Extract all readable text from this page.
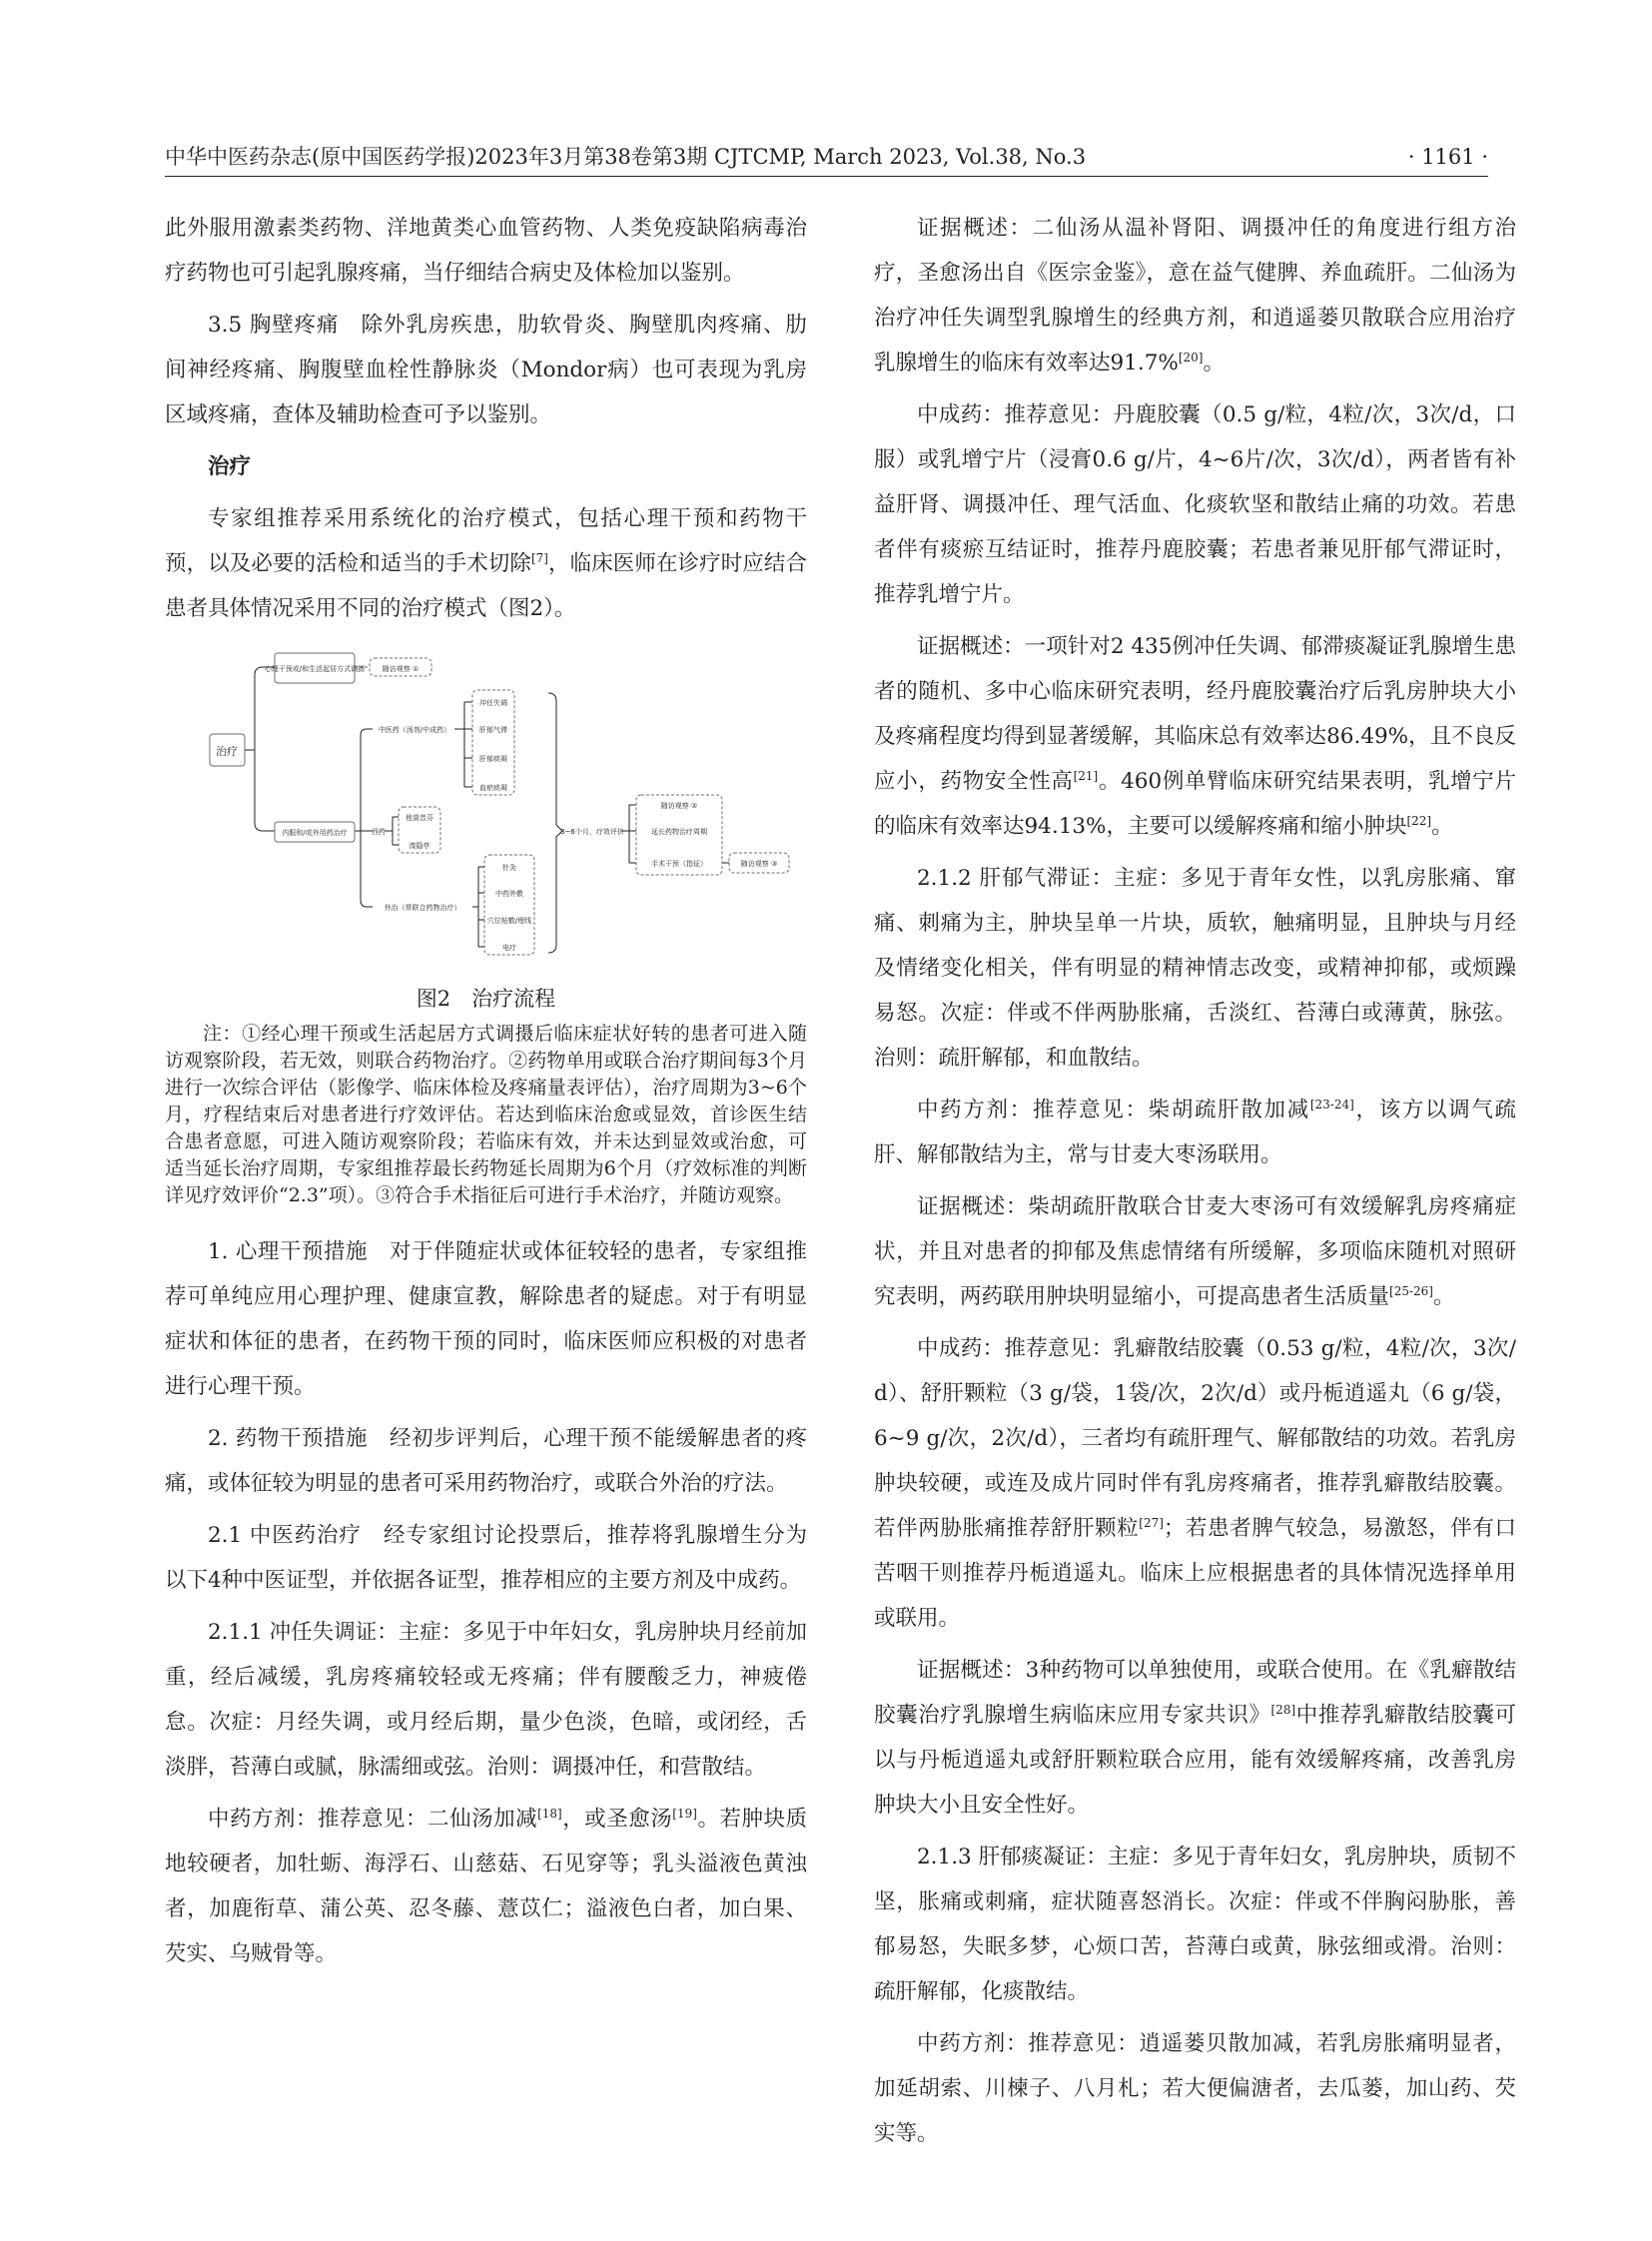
中华中医药杂志(原中国医药学报)2023年3月第38卷第3期 CJTCMP, March 2023, Vol.38, No.3	· 1161 ·

此外服用激素类药物、洋地黄类心血管药物、人类免疫缺陷病毒治疗药物也可引起乳腺疼痛，当仔细结合病史及体检加以鉴别。

3.5 胸壁疼痛　除外乳房疾患，肋软骨炎、胸壁肌肉疼痛、肋间神经疼痛、胸腹壁血栓性静脉炎（Mondor病）也可表现为乳房区域疼痛，查体及辅助检查可予以鉴别。

治疗

专家组推荐采用系统化的治疗模式，包括心理干预和药物干预，以及必要的活检和适当的手术切除[7]，临床医师在诊疗时应结合患者具体情况采用不同的治疗模式（图2）。

治疗
心理干预或/和生活起居方式调摄	随访观察 ①
内服和/或外用药治疗
中医药（汤剂/中成药）
冲任失调
肝郁气滞
肝郁痰凝
血瘀痰凝
西药
他莫昔芬
溴隐亭
外治（常联合药物治疗）
针灸
中药外敷
穴位贴敷/埋线
电疗
3~6个月，疗效评价
随访观察 ②
延长药物治疗周期
手术干预（指征）	随访观察 ③
图2　治疗流程
注：①经心理干预或生活起居方式调摄后临床症状好转的患者可进入随访观察阶段，若无效，则联合药物治疗。②药物单用或联合治疗期间每3个月进行一次综合评估（影像学、临床体检及疼痛量表评估），治疗周期为3~6个月，疗程结束后对患者进行疗效评估。若达到临床治愈或显效，首诊医生结合患者意愿，可进入随访观察阶段；若临床有效，并未达到显效或治愈，可适当延长治疗周期，专家组推荐最长药物延长周期为6个月（疗效标准的判断详见疗效评价“2.3”项）。③符合手术指征后可进行手术治疗，并随访观察。

1. 心理干预措施　对于伴随症状或体征较轻的患者，专家组推荐可单纯应用心理护理、健康宣教，解除患者的疑虑。对于有明显症状和体征的患者，在药物干预的同时，临床医师应积极的对患者进行心理干预。

2. 药物干预措施　经初步评判后，心理干预不能缓解患者的疼痛，或体征较为明显的患者可采用药物治疗，或联合外治的疗法。

2.1 中医药治疗　经专家组讨论投票后，推荐将乳腺增生分为以下4种中医证型，并依据各证型，推荐相应的主要方剂及中成药。

2.1.1 冲任失调证：主症：多见于中年妇女，乳房肿块月经前加重，经后减缓，乳房疼痛较轻或无疼痛；伴有腰酸乏力，神疲倦怠。次症：月经失调，或月经后期，量少色淡，色暗，或闭经，舌淡胖，苔薄白或腻，脉濡细或弦。治则：调摄冲任，和营散结。

中药方剂：推荐意见：二仙汤加减[18]，或圣愈汤[19]。若肿块质地较硬者，加牡蛎、海浮石、山慈菇、石见穿等；乳头溢液色黄浊者，加鹿衔草、蒲公英、忍冬藤、薏苡仁；溢液色白者，加白果、芡实、乌贼骨等。

证据概述：二仙汤从温补肾阳、调摄冲任的角度进行组方治疗，圣愈汤出自《医宗金鉴》，意在益气健脾、养血疏肝。二仙汤为治疗冲任失调型乳腺增生的经典方剂，和逍遥蒌贝散联合应用治疗乳腺增生的临床有效率达91.7%[20]。

中成药：推荐意见：丹鹿胶囊（0.5 g/粒，4粒/次，3次/d，口服）或乳增宁片（浸膏0.6 g/片，4~6片/次，3次/d），两者皆有补益肝肾、调摄冲任、理气活血、化痰软坚和散结止痛的功效。若患者伴有痰瘀互结证时，推荐丹鹿胶囊；若患者兼见肝郁气滞证时，推荐乳增宁片。

证据概述：一项针对2 435例冲任失调、郁滞痰凝证乳腺增生患者的随机、多中心临床研究表明，经丹鹿胶囊治疗后乳房肿块大小及疼痛程度均得到显著缓解，其临床总有效率达86.49%，且不良反应小，药物安全性高[21]。460例单臂临床研究结果表明，乳增宁片的临床有效率达94.13%，主要可以缓解疼痛和缩小肿块[22]。

2.1.2 肝郁气滞证：主症：多见于青年女性，以乳房胀痛、窜痛、刺痛为主，肿块呈单一片块，质软，触痛明显，且肿块与月经及情绪变化相关，伴有明显的精神情志改变，或精神抑郁，或烦躁易怒。次症：伴或不伴两胁胀痛，舌淡红、苔薄白或薄黄，脉弦。治则：疏肝解郁，和血散结。

中药方剂：推荐意见：柴胡疏肝散加减[23-24]，该方以调气疏肝、解郁散结为主，常与甘麦大枣汤联用。

证据概述：柴胡疏肝散联合甘麦大枣汤可有效缓解乳房疼痛症状，并且对患者的抑郁及焦虑情绪有所缓解，多项临床随机对照研究表明，两药联用肿块明显缩小，可提高患者生活质量[25-26]。

中成药：推荐意见：乳癖散结胶囊（0.53 g/粒，4粒/次，3次/d）、舒肝颗粒（3 g/袋，1袋/次，2次/d）或丹栀逍遥丸（6 g/袋，6~9 g/次，2次/d），三者均有疏肝理气、解郁散结的功效。若乳房肿块较硬，或连及成片同时伴有乳房疼痛者，推荐乳癖散结胶囊。若伴两胁胀痛推荐舒肝颗粒[27]；若患者脾气较急，易激怒，伴有口苦咽干则推荐丹栀逍遥丸。临床上应根据患者的具体情况选择单用或联用。

证据概述：3种药物可以单独使用，或联合使用。在《乳癖散结胶囊治疗乳腺增生病临床应用专家共识》[28]中推荐乳癖散结胶囊可以与丹栀逍遥丸或舒肝颗粒联合应用，能有效缓解疼痛，改善乳房肿块大小且安全性好。

2.1.3 肝郁痰凝证：主症：多见于青年妇女，乳房肿块，质韧不坚，胀痛或刺痛，症状随喜怒消长。次症：伴或不伴胸闷胁胀，善郁易怒，失眠多梦，心烦口苦，苔薄白或黄，脉弦细或滑。治则：疏肝解郁，化痰散结。

中药方剂：推荐意见：逍遥蒌贝散加减，若乳房胀痛明显者，加延胡索、川楝子、八月札；若大便偏溏者，去瓜蒌，加山药、芡实等。
